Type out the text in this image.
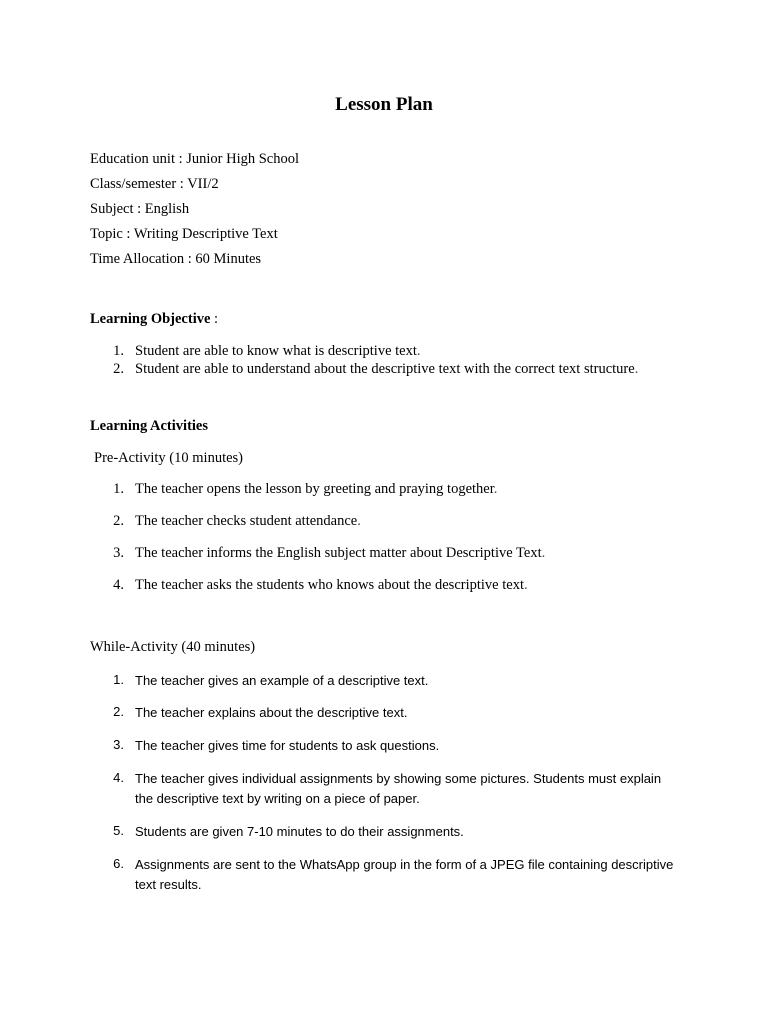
Lesson Plan
Education unit : Junior High School
Class/semester : VII/2
Subject : English
Topic : Writing Descriptive Text
Time Allocation : 60 Minutes
Learning Objective :
1. Student are able to know what is descriptive text.
2. Student are able to understand about the descriptive text with the correct text structure.
Learning Activities
Pre-Activity (10 minutes)
1. The teacher opens the lesson by greeting and praying together.
2. The teacher checks student attendance.
3. The teacher informs the English subject matter about Descriptive Text.
4. The teacher asks the students who knows about the descriptive text.
While-Activity (40 minutes)
1. The teacher gives an example of a descriptive text.
2. The teacher explains about the descriptive text.
3. The teacher gives time for students to ask questions.
4. The teacher gives individual assignments by showing some pictures. Students must explain the descriptive text by writing on a piece of paper.
5. Students are given 7-10 minutes to do their assignments.
6. Assignments are sent to the WhatsApp group in the form of a JPEG file containing descriptive text results.
